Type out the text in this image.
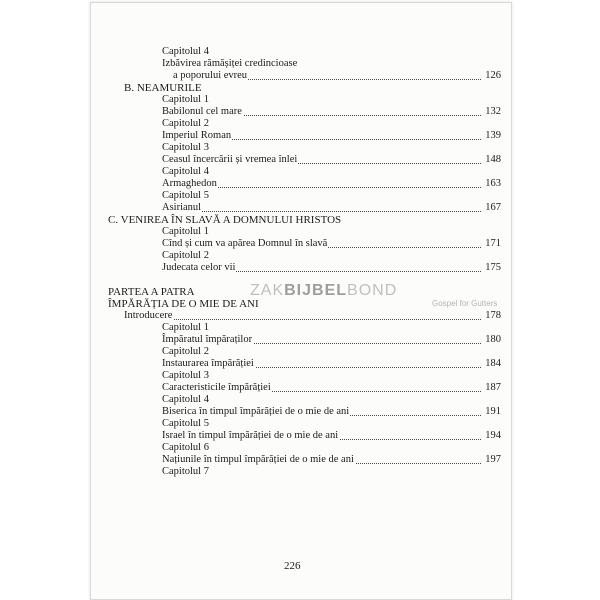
Capitolul 4
Izbăvirea rămășiței credincioase
a poporului evreu	126
B. NEAMURILE
Capitolul 1
Babilonul cel mare	132
Capitolul 2
Imperiul Roman	139
Capitolul 3
Ceasul încercării și vremea înlei	148
Capitolul 4
Armaghedon	163
Capitolul 5
Asirianul	167
C. VENIREA ÎN SLAVĂ A DOMNULUI HRISTOS
Capitolul 1
Cînd și cum va apărea Domnul în slavă	171
Capitolul 2
Judecata celor vii	175
PARTEA A PATRA
ÎMPĂRĂȚIA DE O MIE DE ANI
Introducere	178
Capitolul 1
Împăratul împăraților	180
Capitolul 2
Instaurarea împărăției	184
Capitolul 3
Caracteristicile împărăției	187
Capitolul 4
Biserica în timpul împărăției de o mie de ani	191
Capitolul 5
Israel în timpul împărăției de o mie de ani	194
Capitolul 6
Națiunile în timpul împărăției de o mie de ani	197
Capitolul 7
ZAKBIJBELBOND
Gospel for Gutters
226
